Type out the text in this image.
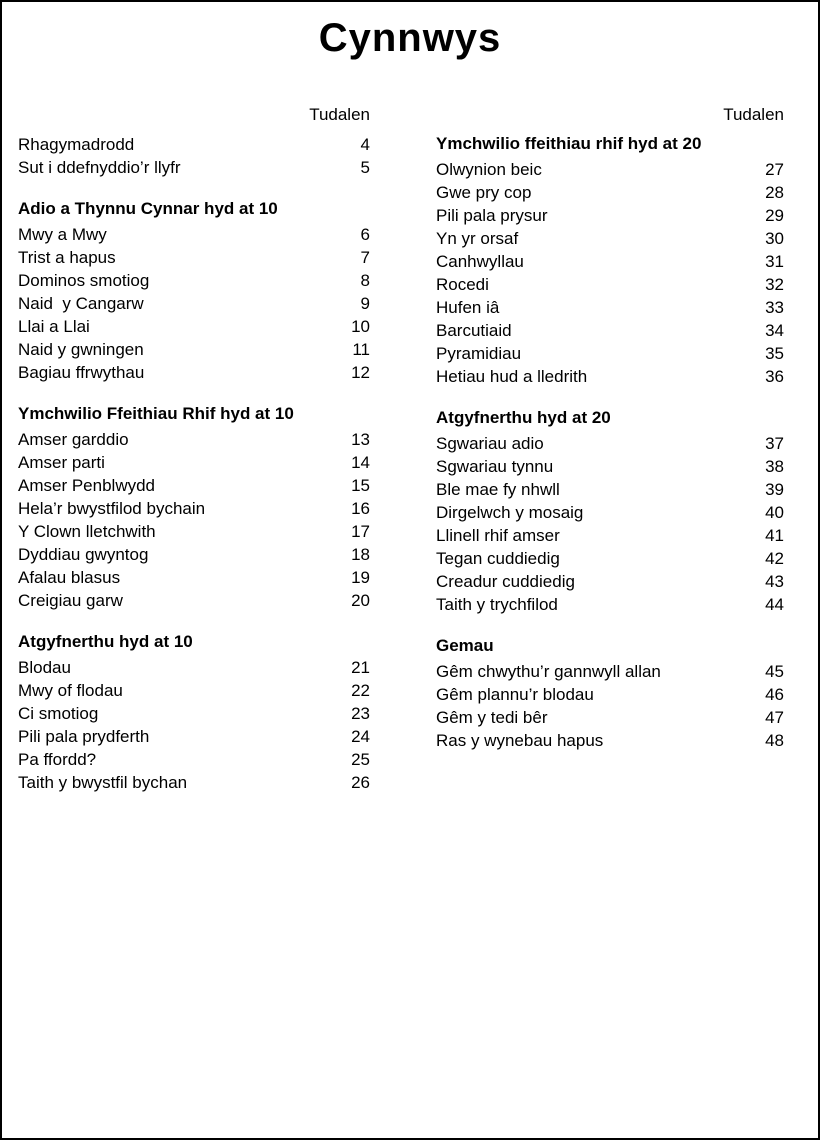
Cynnwys
Tudalen
Rhagymadrodd	4
Sut i ddefnyddio’r llyfr	5
Adio a Thynnu Cynnar hyd at 10
Mwy a Mwy	6
Trist a hapus	7
Dominos smotiog	8
Naid  y Cangarw	9
Llai a Llai	10
Naid y gwningen	11
Bagiau ffrwythau	12
Ymchwilio Ffeithiau Rhif hyd at 10
Amser garddio	13
Amser parti	14
Amser Penblwydd	15
Hela’r bwystfilod bychain	16
Y Clown lletchwith	17
Dyddiau gwyntog	18
Afalau blasus	19
Creigiau garw	20
Atgyfnerthu hyd at 10
Blodau	21
Mwy of flodau	22
Ci smotiog	23
Pili pala prydferth	24
Pa ffordd?	25
Taith y bwystfil bychan	26
Tudalen
Ymchwilio ffeithiau rhif hyd at 20
Olwynion beic	27
Gwe pry cop	28
Pili pala prysur	29
Yn yr orsaf	30
Canhwyllau	31
Rocedi	32
Hufen iâ	33
Barcutiaid	34
Pyramidiau	35
Hetiau hud a lledrith	36
Atgyfnerthu hyd at 20
Sgwariau adio	37
Sgwariau tynnu	38
Ble mae fy nhwll	39
Dirgelwch y mosaig	40
Llinell rhif amser	41
Tegan cuddiedig	42
Creadur cuddiedig	43
Taith y trychfilod	44
Gemau
Gêm chwythu’r gannwyll allan	45
Gêm plannu’r blodau	46
Gêm y tedi bêr	47
Ras y wynebau hapus	48
